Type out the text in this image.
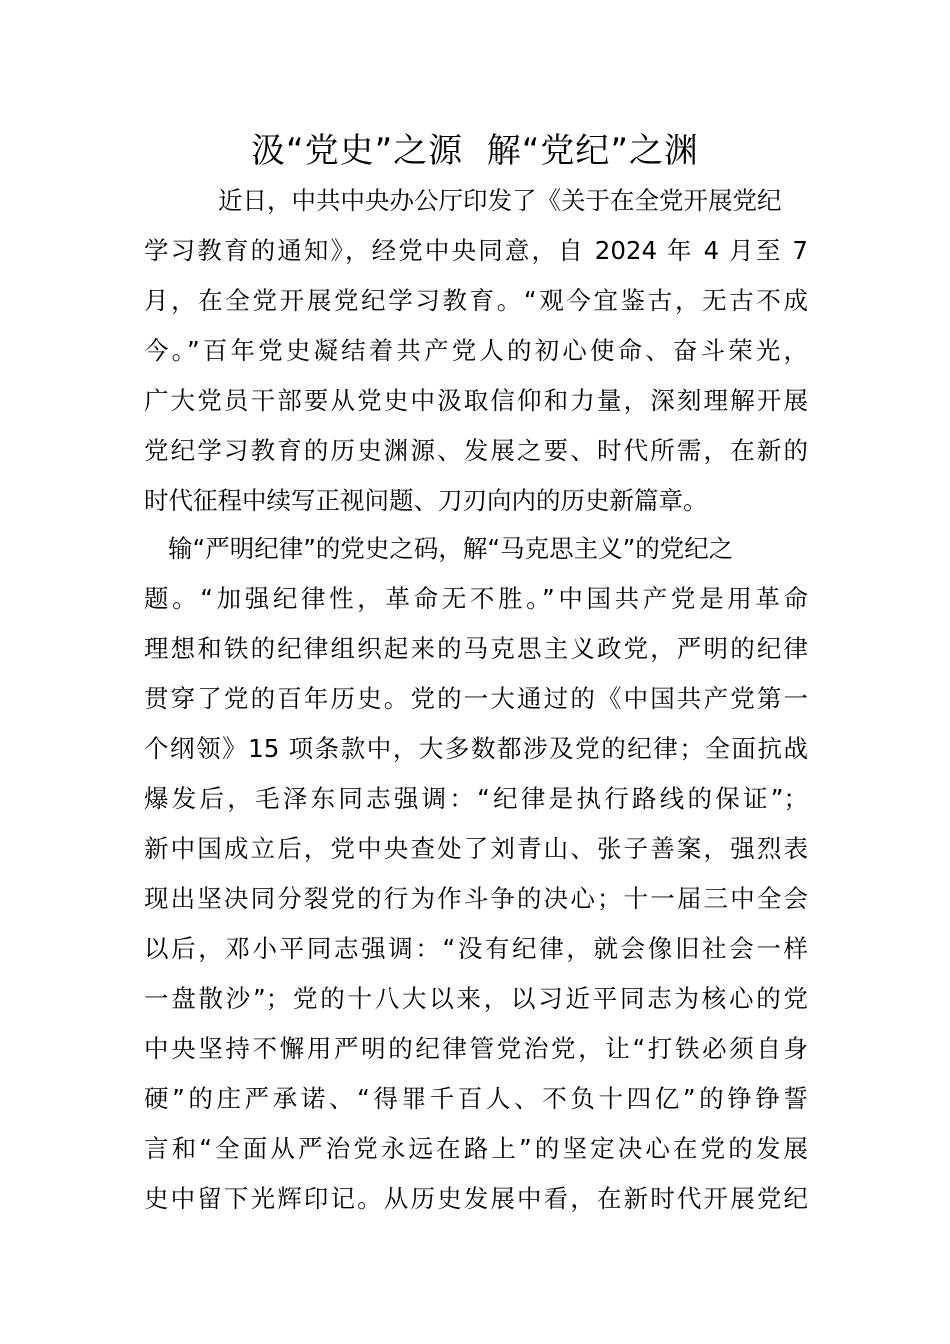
汲“党史”之源  解“党纪”之渊
近日，中共中央办公厅印发了《关于在全党开展党纪
学习教育的通知》，经党中央同意，自 2024 年 4 月至 7
月，在全党开展党纪学习教育。“观今宜鉴古，无古不成
今。”百年党史凝结着共产党人的初心使命、奋斗荣光，
广大党员干部要从党史中汲取信仰和力量，深刻理解开展
党纪学习教育的历史渊源、发展之要、时代所需，在新的
时代征程中续写正视问题、刀刃向内的历史新篇章。
输“严明纪律”的党史之码，解“马克思主义”的党纪之
题。“加强纪律性，革命无不胜。”中国共产党是用革命
理想和铁的纪律组织起来的马克思主义政党，严明的纪律
贯穿了党的百年历史。党的一大通过的《中国共产党第一
个纲领》15 项条款中，大多数都涉及党的纪律；全面抗战
爆发后，毛泽东同志强调：“纪律是执行路线的保证”；
新中国成立后，党中央查处了刘青山、张子善案，强烈表
现出坚决同分裂党的行为作斗争的决心；十一届三中全会
以后，邓小平同志强调：“没有纪律，就会像旧社会一样
一盘散沙”；党的十八大以来，以习近平同志为核心的党
中央坚持不懈用严明的纪律管党治党，让“打铁必须自身
硬”的庄严承诺、“得罪千百人、不负十四亿”的铮铮誓
言和“全面从严治党永远在路上”的坚定决心在党的发展
史中留下光辉印记。从历史发展中看，在新时代开展党纪
